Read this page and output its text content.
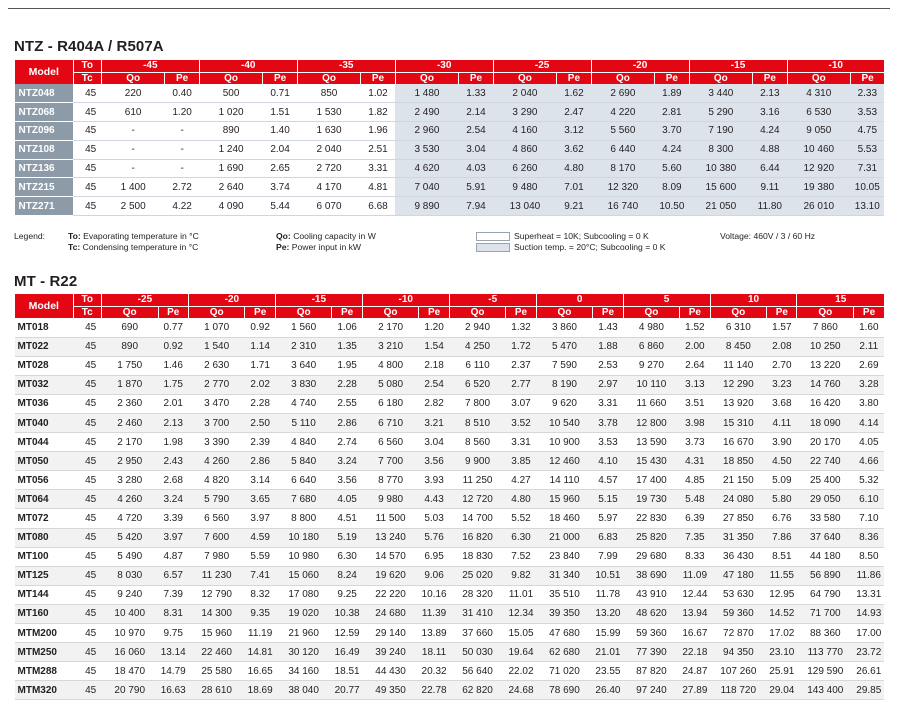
NTZ - R404A / R507A
Model	To	-45		-40		-35		-30		-25		-20		-15		-10	
	Tc	Qo	Pe	Qo	Pe	Qo	Pe	Qo	Pe	Qo	Pe	Qo	Pe	Qo	Pe	Qo	Pe
NTZ048	45	220	0.40	500	0.71	850	1.02	1 480	1.33	2 040	1.62	2 690	1.89	3 440	2.13	4 310	2.33
NTZ068	45	610	1.20	1 020	1.51	1 530	1.82	2 490	2.14	3 290	2.47	4 220	2.81	5 290	3.16	6 530	3.53
NTZ096	45	-	-	890	1.40	1 630	1.96	2 960	2.54	4 160	3.12	5 560	3.70	7 190	4.24	9 050	4.75
NTZ108	45	-	-	1 240	2.04	2 040	2.51	3 530	3.04	4 860	3.62	6 440	4.24	8 300	4.88	10 460	5.53
NTZ136	45	-	-	1 690	2.65	2 720	3.31	4 620	4.03	6 260	4.80	8 170	5.60	10 380	6.44	12 920	7.31
NTZ215	45	1 400	2.72	2 640	3.74	4 170	4.81	7 040	5.91	9 480	7.01	12 320	8.09	15 600	9.11	19 380	10.05
NTZ271	45	2 500	4.22	4 090	5.44	6 070	6.68	9 890	7.94	13 040	9.21	16 740	10.50	21 050	11.80	26 010	13.10
Legend:	To: Evaporating temperature in °C
Tc: Condensing temperature in °C
Qo: Cooling capacity in W
Pe: Power input in kW
Superheat = 10K; Subcooling = 0 K
Suction temp. = 20°C; Subcooling = 0 K
Voltage: 460V / 3 / 60 Hz
MT - R22
Model	To	-25		-20		-15		-10		-5		0		5		10		15	
	Tc	Qo	Pe	Qo	Pe	Qo	Pe	Qo	Pe	Qo	Pe	Qo	Pe	Qo	Pe	Qo	Pe	Qo	Pe
MT018	45	690	0.77	1 070	0.92	1 560	1.06	2 170	1.20	2 940	1.32	3 860	1.43	4 980	1.52	6 310	1.57	7 860	1.60
MT022	45	890	0.92	1 540	1.14	2 310	1.35	3 210	1.54	4 250	1.72	5 470	1.88	6 860	2.00	8 450	2.08	10 250	2.11
MT028	45	1 750	1.46	2 630	1.71	3 640	1.95	4 800	2.18	6 110	2.37	7 590	2.53	9 270	2.64	11 140	2.70	13 220	2.69
MT032	45	1 870	1.75	2 770	2.02	3 830	2.28	5 080	2.54	6 520	2.77	8 190	2.97	10 110	3.13	12 290	3.23	14 760	3.28
MT036	45	2 360	2.01	3 470	2.28	4 740	2.55	6 180	2.82	7 800	3.07	9 620	3.31	11 660	3.51	13 920	3.68	16 420	3.80
MT040	45	2 460	2.13	3 700	2.50	5 110	2.86	6 710	3.21	8 510	3.52	10 540	3.78	12 800	3.98	15 310	4.11	18 090	4.14
MT044	45	2 170	1.98	3 390	2.39	4 840	2.74	6 560	3.04	8 560	3.31	10 900	3.53	13 590	3.73	16 670	3.90	20 170	4.05
MT050	45	2 950	2.43	4 260	2.86	5 840	3.24	7 700	3.56	9 900	3.85	12 460	4.10	15 430	4.31	18 850	4.50	22 740	4.66
MT056	45	3 280	2.68	4 820	3.14	6 640	3.56	8 770	3.93	11 250	4.27	14 110	4.57	17 400	4.85	21 150	5.09	25 400	5.32
MT064	45	4 260	3.24	5 790	3.65	7 680	4.05	9 980	4.43	12 720	4.80	15 960	5.15	19 730	5.48	24 080	5.80	29 050	6.10
MT072	45	4 720	3.39	6 560	3.97	8 800	4.51	11 500	5.03	14 700	5.52	18 460	5.97	22 830	6.39	27 850	6.76	33 580	7.10
MT080	45	5 420	3.97	7 600	4.59	10 180	5.19	13 240	5.76	16 820	6.30	21 000	6.83	25 820	7.35	31 350	7.86	37 640	8.36
MT100	45	5 490	4.87	7 980	5.59	10 980	6.30	14 570	6.95	18 830	7.52	23 840	7.99	29 680	8.33	36 430	8.51	44 180	8.50
MT125	45	8 030	6.57	11 230	7.41	15 060	8.24	19 620	9.06	25 020	9.82	31 340	10.51	38 690	11.09	47 180	11.55	56 890	11.86
MT144	45	9 240	7.39	12 790	8.32	17 080	9.25	22 220	10.16	28 320	11.01	35 510	11.78	43 910	12.44	53 630	12.95	64 790	13.31
MT160	45	10 400	8.31	14 300	9.35	19 020	10.38	24 680	11.39	31 410	12.34	39 350	13.20	48 620	13.94	59 360	14.52	71 700	14.93
MTM200	45	10 970	9.75	15 960	11.19	21 960	12.59	29 140	13.89	37 660	15.05	47 680	15.99	59 360	16.67	72 870	17.02	88 360	17.00
MTM250	45	16 060	13.14	22 460	14.81	30 120	16.49	39 240	18.11	50 030	19.64	62 680	21.01	77 390	22.18	94 350	23.10	113 770	23.72
MTM288	45	18 470	14.79	25 580	16.65	34 160	18.51	44 430	20.32	56 640	22.02	71 020	23.55	87 820	24.87	107 260	25.91	129 590	26.61
MTM320	45	20 790	16.63	28 610	18.69	38 040	20.77	49 350	22.78	62 820	24.68	78 690	26.40	97 240	27.89	118 720	29.04	143 400	29.85
